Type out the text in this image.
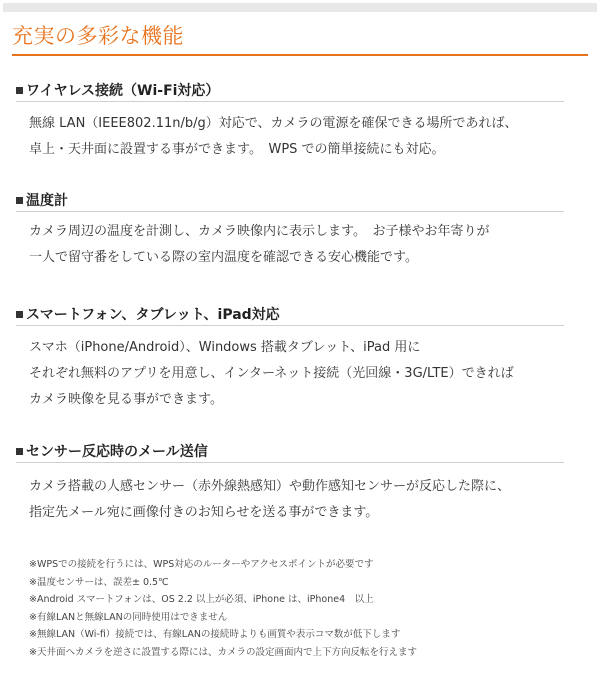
充実の多彩な機能
ワイヤレス接続（Wi-Fi対応）
無線 LAN（IEEE802.11n/b/g）対応で、カメラの電源を確保できる場所であれば、
卓上・天井面に設置する事ができます。　WPS での簡単接続にも対応。
温度計
カメラ周辺の温度を計測し、カメラ映像内に表示します。　お子様やお年寄りが
一人で留守番をしている際の室内温度を確認できる安心機能です。
スマートフォン、タブレット、iPad対応
スマホ（iPhone/Android）、Windows 搭載タブレット、iPad 用に
それぞれ無料のアプリを用意し、インターネット接続（光回線・3G/LTE）できれば
カメラ映像を見る事ができます。
センサー反応時のメール送信
カメラ搭載の人感センサー（赤外線熱感知）や動作感知センサーが反応した際に、
指定先メール宛に画像付きのお知らせを送る事ができます。
※WPSでの接続を行うには、WPS対応のルーターやアクセスポイントが必要です
※温度センサーは、誤差± 0.5℃
※Android スマートフォンは、OS 2.2 以上が必須、iPhone は、iPhone4　以上
※有線LANと無線LANの同時使用はできません
※無線LAN（Wi-fi）接続では、有線LANの接続時よりも画質や表示コマ数が低下します
※天井面へカメラを逆さに設置する際には、カメラの設定画面内で上下方向反転を行えます
